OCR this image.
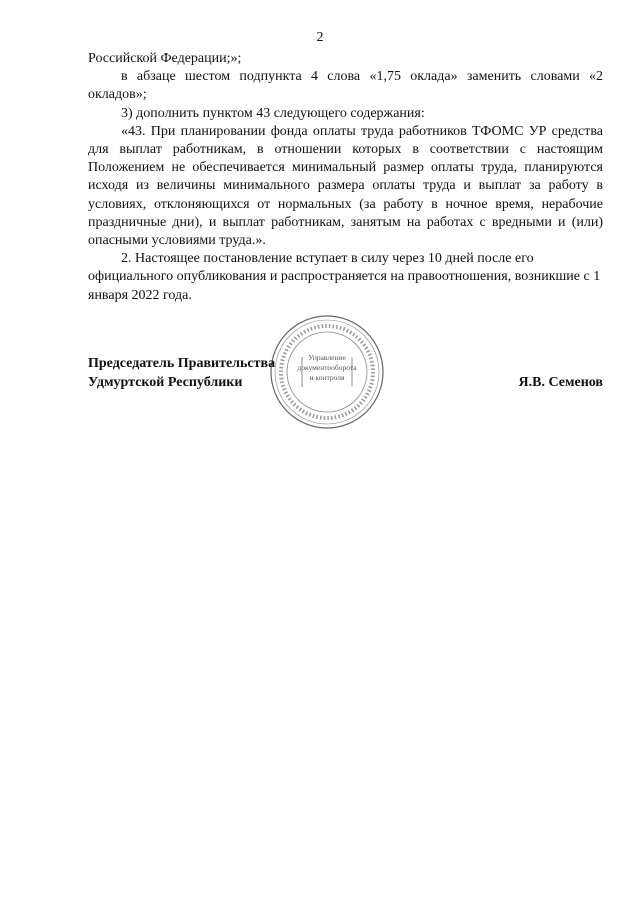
2

Российской Федерации;»;

в абзаце шестом подпункта 4 слова «1,75 оклада» заменить словами «2 окладов»;

3) дополнить пунктом 43 следующего содержания:

«43. При планировании фонда оплаты труда работников ТФОМС УР средства для выплат работникам, в отношении которых в соответствии с настоящим Положением не обеспечивается минимальный размер оплаты труда, планируются исходя из величины минимального размера оплаты труда и выплат за работу в условиях, отклоняющихся от нормальных (за работу в ночное время, нерабочие праздничные дни), и выплат работникам, занятым на работах с вредными и (или) опасными условиями труда.».

2. Настоящее постановление вступает в силу через 10 дней после его официального опубликования и распространяется на правоотношения, возникшие с 1 января 2022 года.

Управление
документооборота
и контроля
Председатель Правительства
Удмуртской Республики	Я.В. Семенов
